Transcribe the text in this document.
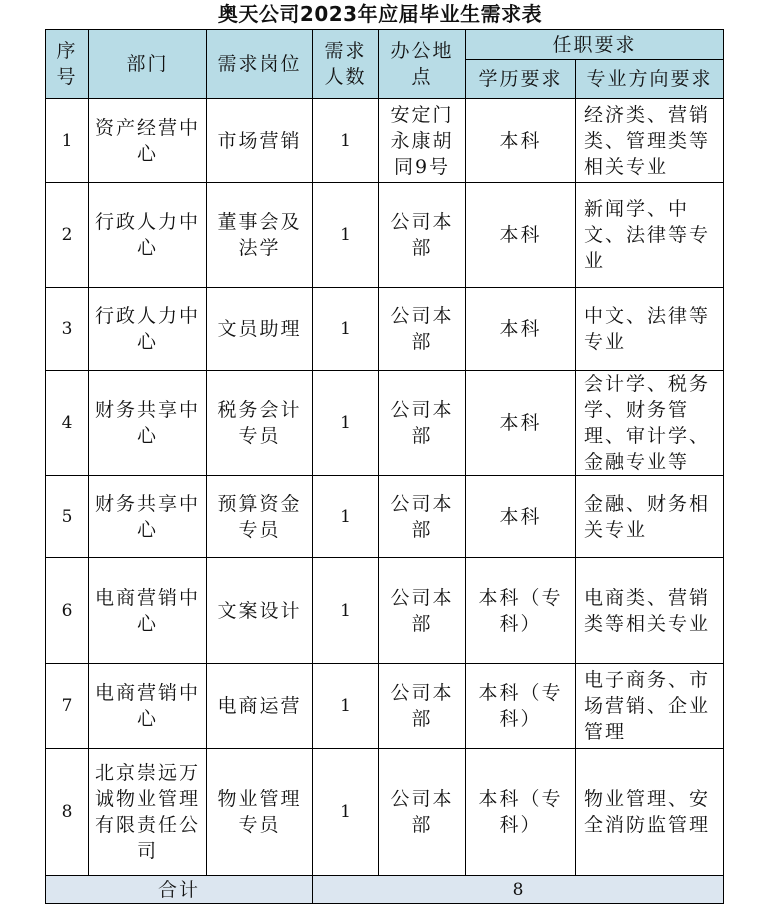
奥天公司2023年应届毕业生需求表
序号	部门	需求岗位	需求人数	办公地点	任职要求	
					学历要求	专业方向要求
1	资产经营中心	市场营销	1	安定门永康胡同9号	本科	经济类、营销类、管理类等相关专业
2	行政人力中心	董事会及法学	1	公司本部	本科	新闻学、中文、法律等专业
3	行政人力中心	文员助理	1	公司本部	本科	中文、法律等专业
4	财务共享中心	税务会计专员	1	公司本部	本科	会计学、税务学、财务管理、审计学、金融专业等
5	财务共享中心	预算资金专员	1	公司本部	本科	金融、财务相关专业
6	电商营销中心	文案设计	1	公司本部	本科（专科）	电商类、营销类等相关专业
7	电商营销中心	电商运营	1	公司本部	本科（专科）	电子商务、市场营销、企业管理
8	北京崇远万诚物业管理有限责任公司	物业管理专员	1	公司本部	本科（专科）	物业管理、安全消防监管理
合计			8			
